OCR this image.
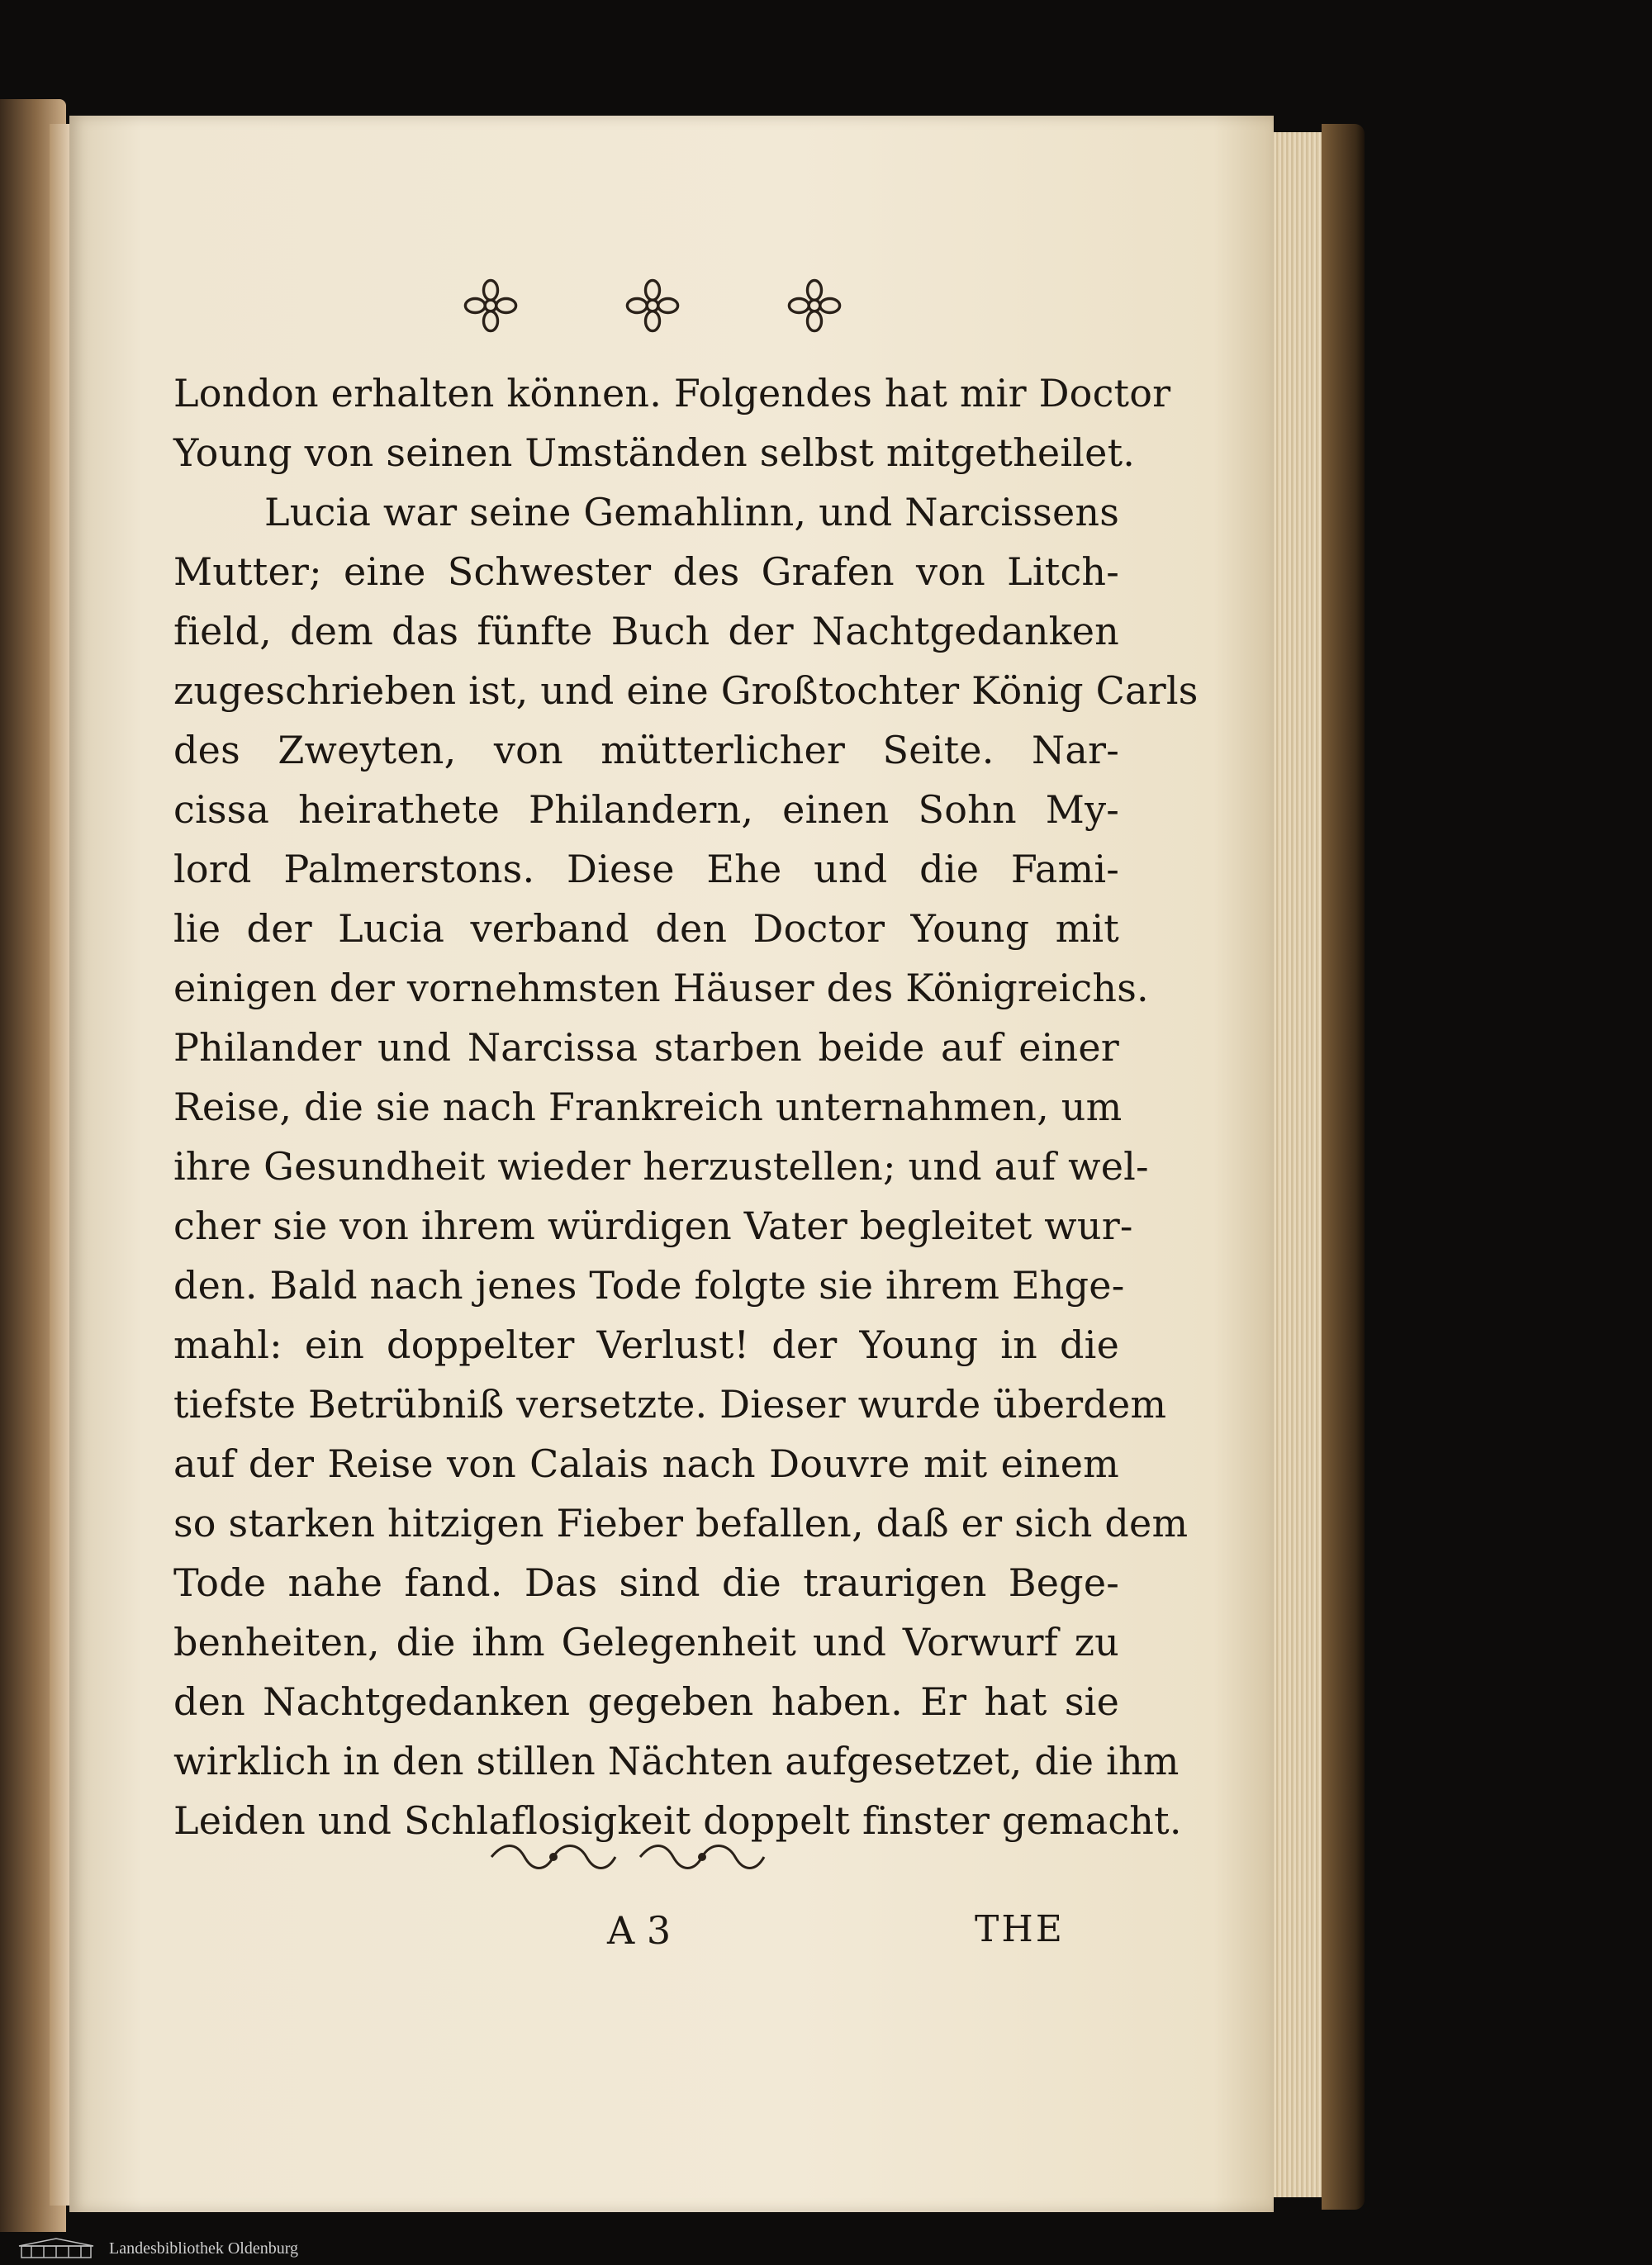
London erhalten können. Folgendes hat mir Doctor
Young von seinen Umständen selbst mitgetheilet.
Lucia war seine Gemahlinn, und Narcissens
Mutter; eine Schwester des Grafen von Litch-
field, dem das fünfte Buch der Nachtgedanken
zugeschrieben ist, und eine Großtochter König Carls
des Zweyten, von mütterlicher Seite. Nar-
cissa heirathete Philandern, einen Sohn My-
lord Palmerstons. Diese Ehe und die Fami-
lie der Lucia verband den Doctor Young mit
einigen der vornehmsten Häuser des Königreichs.
Philander und Narcissa starben beide auf einer
Reise, die sie nach Frankreich unternahmen, um
ihre Gesundheit wieder herzustellen; und auf wel-
cher sie von ihrem würdigen Vater begleitet wur-
den. Bald nach jenes Tode folgte sie ihrem Ehge-
mahl: ein doppelter Verlust! der Young in die
tiefste Betrübniß versetzte. Dieser wurde überdem
auf der Reise von Calais nach Douvre mit einem
so starken hitzigen Fieber befallen, daß er sich dem
Tode nahe fand. Das sind die traurigen Bege-
benheiten, die ihm Gelegenheit und Vorwurf zu
den Nachtgedanken gegeben haben. Er hat sie
wirklich in den stillen Nächten aufgesetzet, die ihm
Leiden und Schlaflosigkeit doppelt finster gemacht.
A 3	THE
Landesbibliothek Oldenburg
